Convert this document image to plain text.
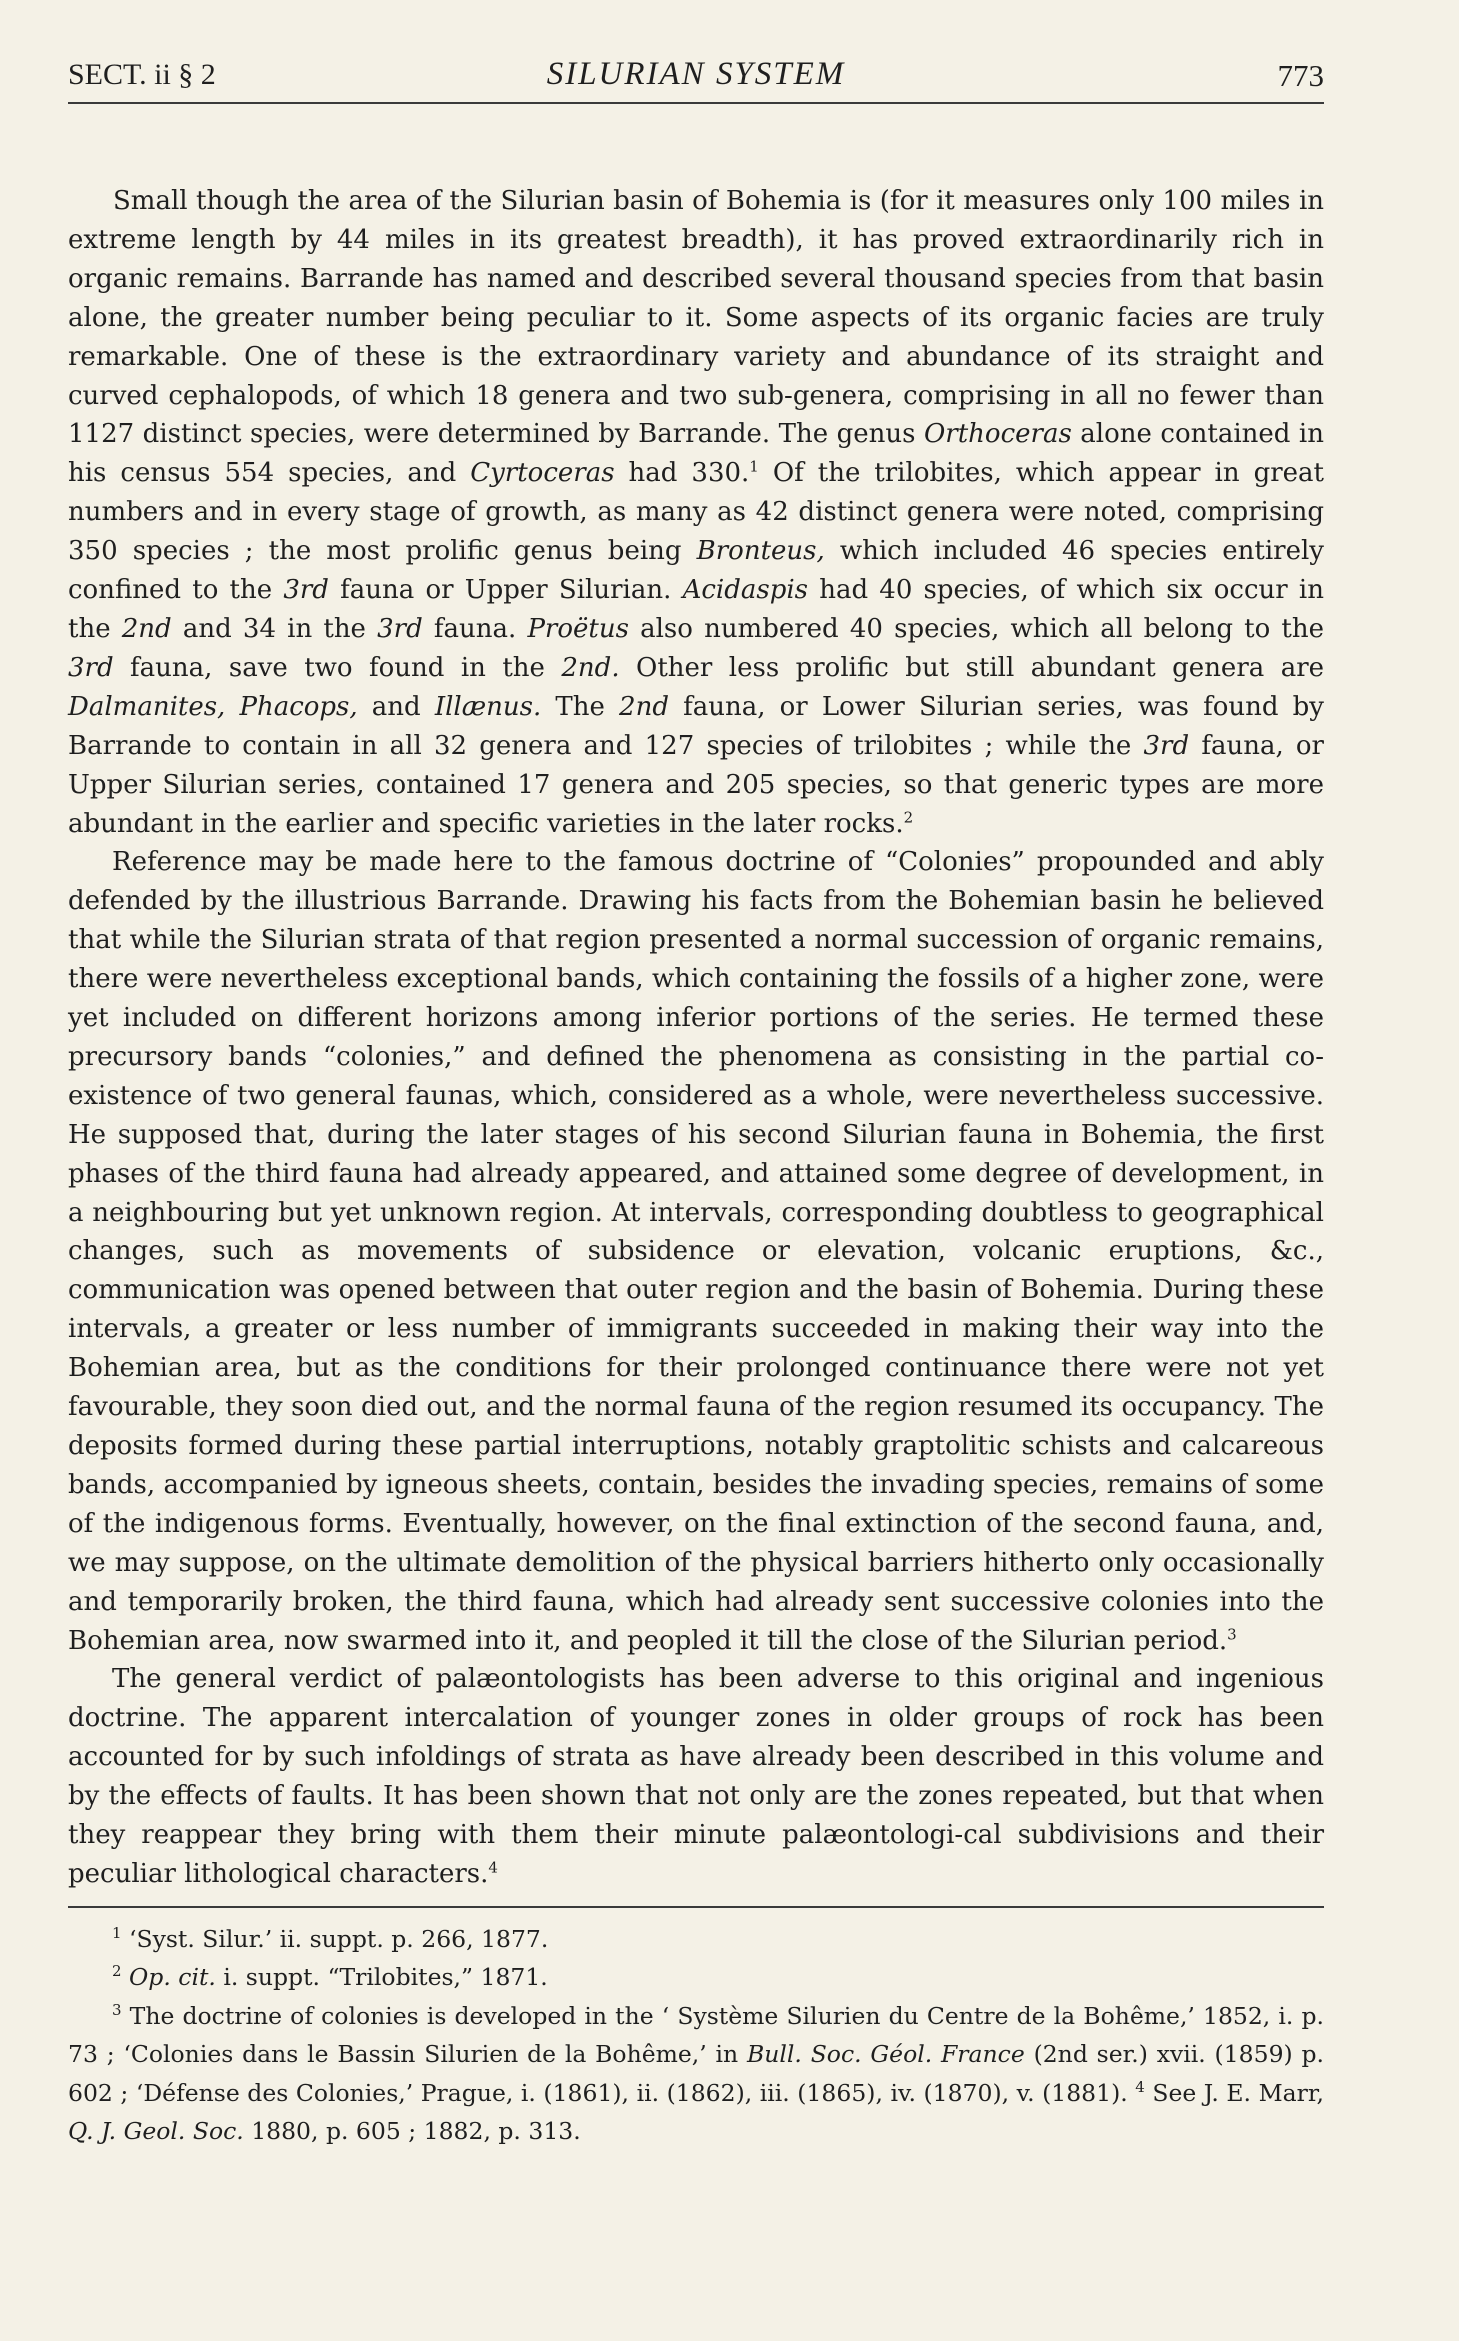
SECT. ii § 2	SILURIAN SYSTEM	773

Small though the area of the Silurian basin of Bohemia is (for it measures only 100 miles in extreme length by 44 miles in its greatest breadth), it has proved extraordinarily rich in organic remains. Barrande has named and described several thousand species from that basin alone, the greater number being peculiar to it. Some aspects of its organic facies are truly remarkable. One of these is the extraordinary variety and abundance of its straight and curved cephalopods, of which 18 genera and two sub-genera, comprising in all no fewer than 1127 distinct species, were determined by Barrande. The genus Orthoceras alone contained in his census 554 species, and Cyrtoceras had 330.$^1$ Of the trilobites, which appear in great numbers and in every stage of growth, as many as 42 distinct genera were noted, comprising 350 species ; the most prolific genus being Bronteus, which included 46 species entirely confined to the 3rd fauna or Upper Silurian. Acidaspis had 40 species, of which six occur in the 2nd and 34 in the 3rd fauna. Proëtus also numbered 40 species, which all belong to the 3rd fauna, save two found in the 2nd. Other less prolific but still abundant genera are Dalmanites, Phacops, and Illænus. The 2nd fauna, or Lower Silurian series, was found by Barrande to contain in all 32 genera and 127 species of trilobites ; while the 3rd fauna, or Upper Silurian series, contained 17 genera and 205 species, so that generic types are more abundant in the earlier and specific varieties in the later rocks.$^2$

Reference may be made here to the famous doctrine of “Colonies” propounded and ably defended by the illustrious Barrande. Drawing his facts from the Bohemian basin he believed that while the Silurian strata of that region presented a normal succession of organic remains, there were nevertheless exceptional bands, which containing the fossils of a higher zone, were yet included on different horizons among inferior portions of the series. He termed these precursory bands “colonies,” and defined the phenomena as consisting in the partial co-existence of two general faunas, which, considered as a whole, were nevertheless successive. He supposed that, during the later stages of his second Silurian fauna in Bohemia, the first phases of the third fauna had already appeared, and attained some degree of development, in a neighbouring but yet unknown region. At intervals, corresponding doubtless to geographical changes, such as movements of subsidence or elevation, volcanic eruptions, &c., communication was opened between that outer region and the basin of Bohemia. During these intervals, a greater or less number of immigrants succeeded in making their way into the Bohemian area, but as the conditions for their prolonged continuance there were not yet favourable, they soon died out, and the normal fauna of the region resumed its occupancy. The deposits formed during these partial interruptions, notably graptolitic schists and calcareous bands, accompanied by igneous sheets, contain, besides the invading species, remains of some of the indigenous forms. Eventually, however, on the final extinction of the second fauna, and, we may suppose, on the ultimate demolition of the physical barriers hitherto only occasionally and temporarily broken, the third fauna, which had already sent successive colonies into the Bohemian area, now swarmed into it, and peopled it till the close of the Silurian period.$^3$

The general verdict of palæontologists has been adverse to this original and ingenious doctrine. The apparent intercalation of younger zones in older groups of rock has been accounted for by such infoldings of strata as have already been described in this volume and by the effects of faults. It has been shown that not only are the zones repeated, but that when they reappear they bring with them their minute palæontologi-cal subdivisions and their peculiar lithological characters.$^4$

$^1$ ‘Syst. Silur.’ ii. suppt. p. 266, 1877.

$^2$ Op. cit. i. suppt. “Trilobites,” 1871.

$^3$ The doctrine of colonies is developed in the ‘ Système Silurien du Centre de la Bohême,’ 1852, i. p. 73 ; ‘Colonies dans le Bassin Silurien de la Bohême,’ in Bull. Soc. Géol. France (2nd ser.) xvii. (1859) p. 602 ; ‘Défense des Colonies,’ Prague, i. (1861), ii. (1862), iii. (1865), iv. (1870), v. (1881). $^4$ See J. E. Marr, Q. J. Geol. Soc. 1880, p. 605 ; 1882, p. 313.
